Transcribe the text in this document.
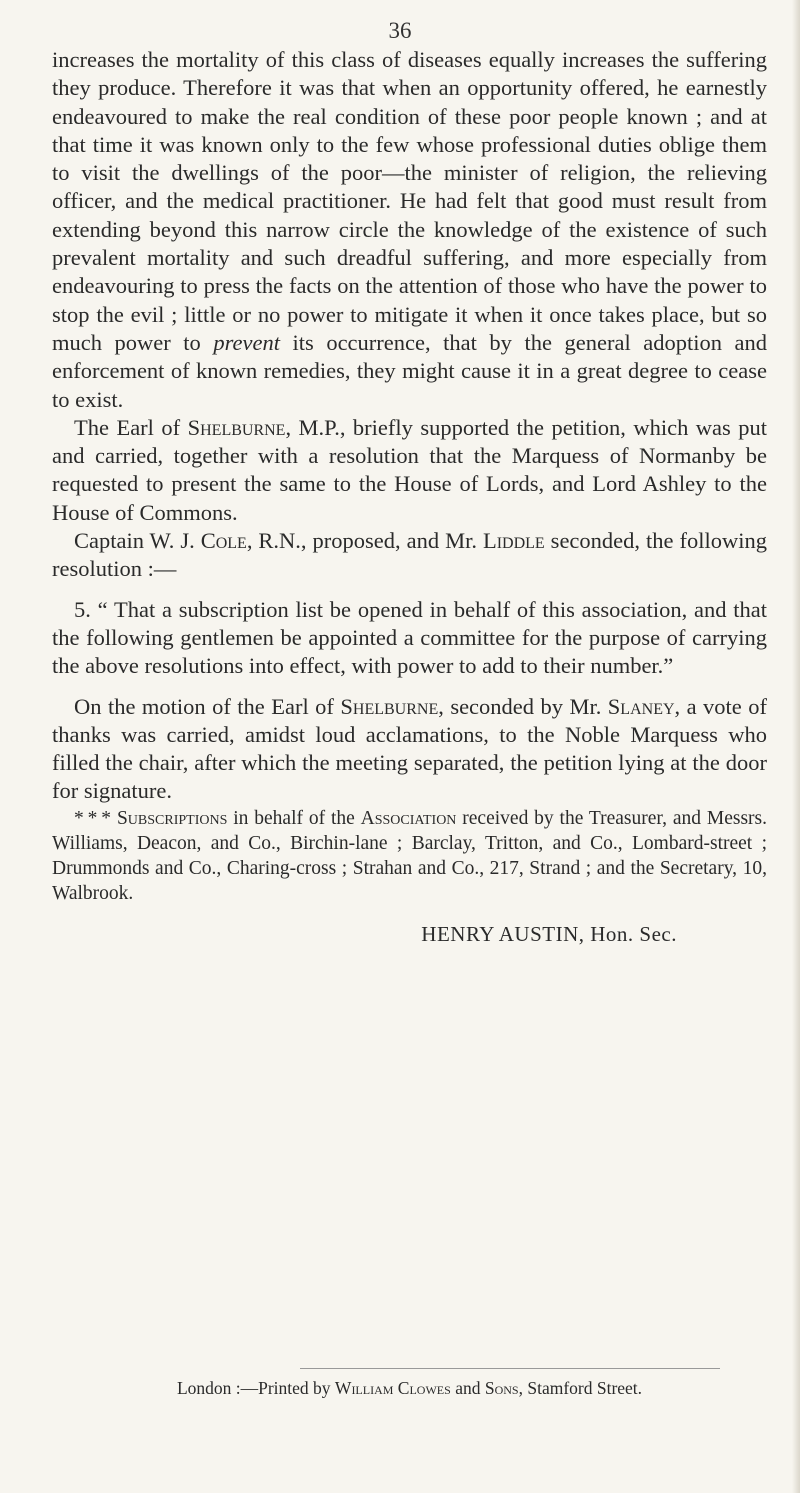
36

increases the mortality of this class of diseases equally increases the suffering they produce. Therefore it was that when an opportunity offered, he earnestly endeavoured to make the real condition of these poor people known ; and at that time it was known only to the few whose professional duties oblige them to visit the dwellings of the poor—the minister of religion, the relieving officer, and the medical practitioner. He had felt that good must result from extending beyond this narrow circle the knowledge of the existence of such prevalent mortality and such dreadful suffering, and more especially from endeavouring to press the facts on the attention of those who have the power to stop the evil ; little or no power to mitigate it when it once takes place, but so much power to prevent its occurrence, that by the general adoption and enforcement of known remedies, they might cause it in a great degree to cease to exist.

The Earl of Shelburne, M.P., briefly supported the petition, which was put and carried, together with a resolution that the Marquess of Normanby be requested to present the same to the House of Lords, and Lord Ashley to the House of Commons.

Captain W. J. Cole, R.N., proposed, and Mr. Liddle seconded, the following resolution :—

5. “ That a subscription list be opened in behalf of this association, and that the following gentlemen be appointed a committee for the purpose of carrying the above resolutions into effect, with power to add to their number.”

On the motion of the Earl of Shelburne, seconded by Mr. Slaney, a vote of thanks was carried, amidst loud acclamations, to the Noble Marquess who filled the chair, after which the meeting separated, the petition lying at the door for signature.

* * * Subscriptions in behalf of the Association received by the Treasurer, and Messrs. Williams, Deacon, and Co., Birchin-lane ; Barclay, Tritton, and Co., Lombard-street ; Drummonds and Co., Charing-cross ; Strahan and Co., 217, Strand ; and the Secretary, 10, Walbrook.

HENRY AUSTIN, Hon. Sec.
London :—Printed by William Clowes and Sons, Stamford Street.
